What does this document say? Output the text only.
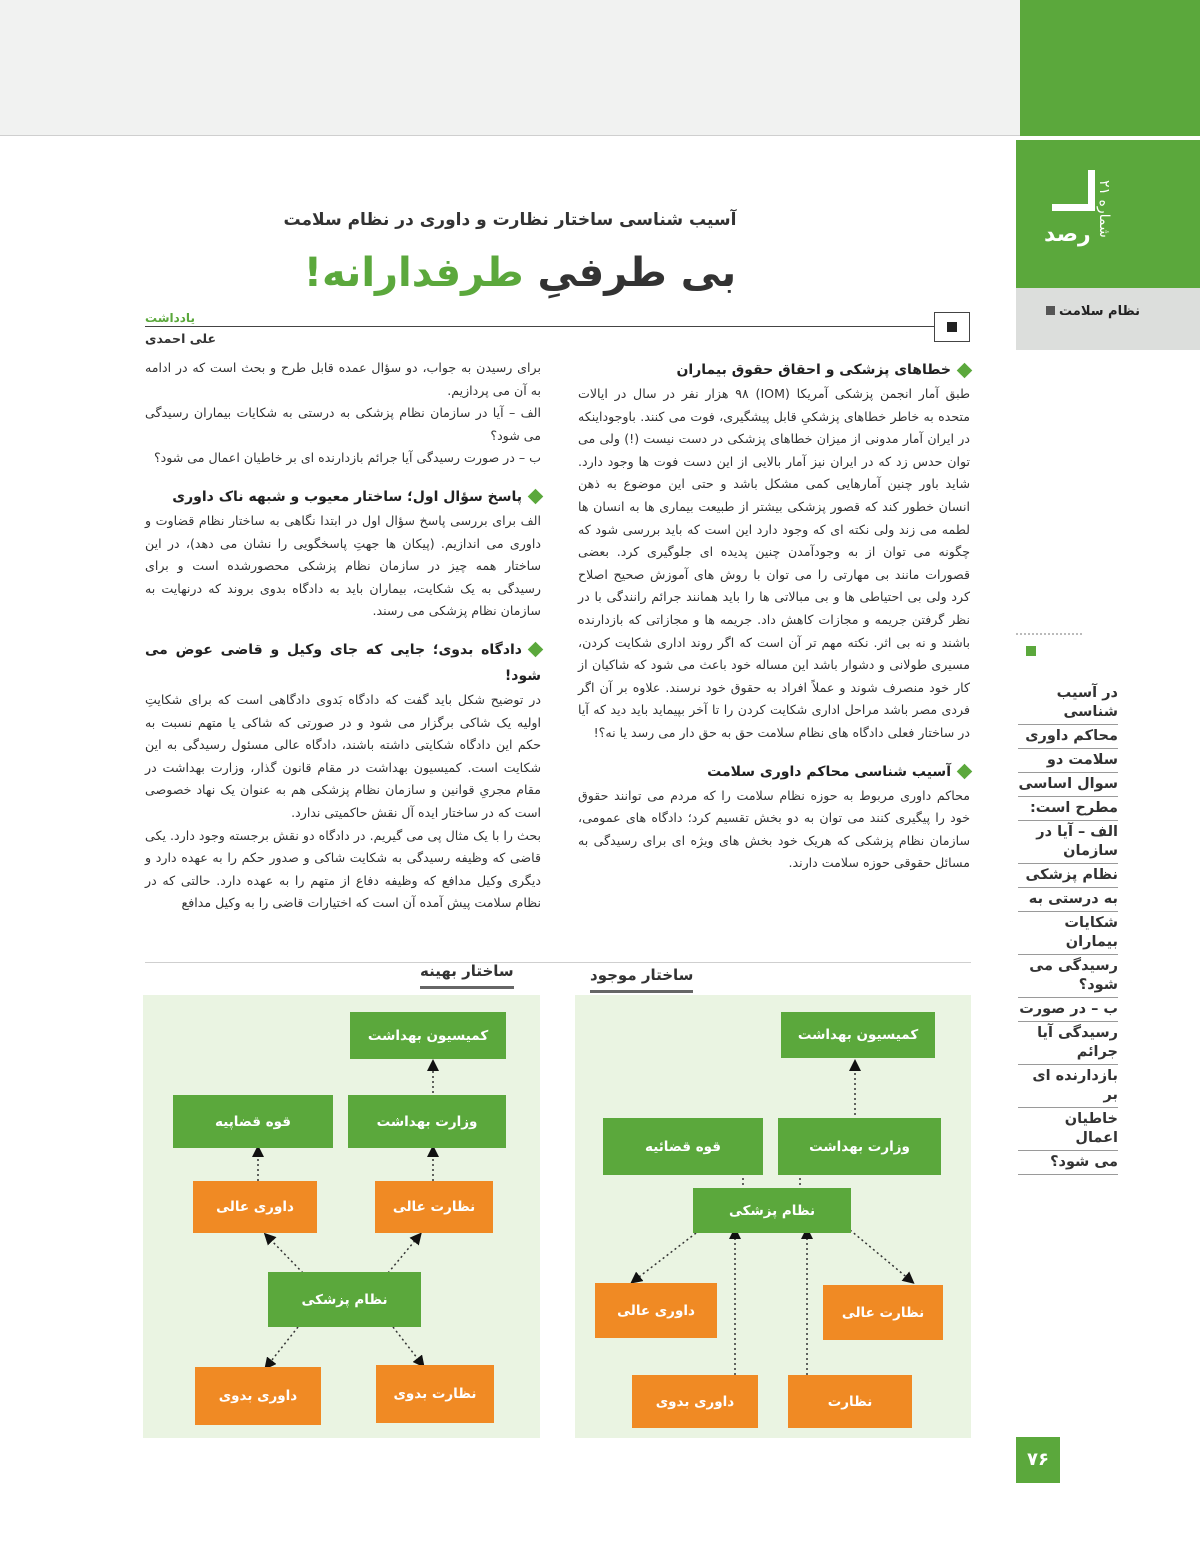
رصد
شماره ۲۱
نظام سلامت
در آسیب شناسی
محاکم داوری
سلامت دو
سوال اساسی
مطرح است:
الف – آیا در سازمان
نظام پزشکی
به درستی به
شکایات بیماران
رسیدگی می شود؟
ب – در صورت
رسیدگی آیا جرائم
بازدارنده ای بر
خاطیان اعمال
می شود؟
۷۶
آسیب شناسی ساختار نظارت و داوری در نظام سلامت
بی طرفیِ طرفدارانه!
یادداشت
علی احمدی
خطاهای پزشکی و احقاق حقوق بیماران

طبق آمار انجمن پزشکی آمریکا (IOM) ۹۸ هزار نفر در سال در ایالات متحده به خاطر خطاهای پزشکیِ قابل پیشگیری، فوت می کنند. باوجوداینکه در ایران آمار مدونی از میزان خطاهای پزشکی در دست نیست (!) ولی می توان حدس زد که در ایران نیز آمار بالایی از این دست فوت ها وجود دارد. شاید باور چنین آمارهایی کمی مشکل باشد و حتی این موضوع به ذهن انسان خطور کند که قصور پزشکی بیشتر از طبیعت بیماری ها به انسان ها لطمه می زند ولی نکته ای که وجود دارد این است که باید بررسی شود که چگونه می توان از به وجودآمدن چنین پدیده ای جلوگیری کرد. بعضی قصورات مانند بی مهارتی را می توان با روش های آموزش صحیح اصلاح کرد ولی بی احتیاطی ها و بی مبالاتی ها را باید همانند جرائم رانندگی با در نظر گرفتن جریمه و مجازات کاهش داد. جریمه ها و مجازاتی که بازدارنده باشند و نه بی اثر. نکته مهم تر آن است که اگر روند اداری شکایت کردن، مسیری طولانی و دشوار باشد این مساله خود باعث می شود که شاکیان از کار خود منصرف شوند و عملاً افراد به حقوق خود نرسند. علاوه بر آن اگر فردی مصر باشد مراحل اداری شکایت کردن را تا آخر بپیماید باید دید که آیا در ساختار فعلی دادگاه های نظام سلامت حق به حق دار می رسد یا نه؟!

آسیب شناسی محاکم داوری سلامت

محاکم داوری مربوط به حوزه نظام سلامت را که مردم می توانند حقوق خود را پیگیری کنند می توان به دو بخش تقسیم کرد؛ دادگاه های عمومی، سازمان نظام پزشکی که هریک خود بخش های ویژه ای برای رسیدگی به مسائل حقوقی حوزه سلامت دارند.

برای رسیدن به جواب، دو سؤال عمده قابل طرح و بحث است که در ادامه به آن می پردازیم.

الف – آیا در سازمان نظام پزشکی به درستی به شکایات بیماران رسیدگی می شود؟

ب – در صورت رسیدگی آیا جرائم بازدارنده ای بر خاطیان اعمال می شود؟

پاسخ سؤال اول؛ ساختار معیوب و شبهه ناک داوری

الف برای بررسی پاسخ سؤال اول در ابتدا نگاهی به ساختار نظام قضاوت و داوری می اندازیم. (پیکان ها جهتِ پاسخگویی را نشان می دهد)، در این ساختار همه چیز در سازمان نظام پزشکی محصورشده است و برای رسیدگی به یک شکایت، بیماران باید به دادگاه بدوی بروند که درنهایت به سازمان نظام پزشکی می رسند.

دادگاه بدوی؛ جایی که جای وکیل و قاضی عوض می شود!

در توضیح شکل باید گفت که دادگاه بَدوی دادگاهی است که برای شکایتِ اولیه یک شاکی برگزار می شود و در صورتی که شاکی یا متهم نسبت به حکم این دادگاه شکایتی داشته باشند، دادگاه عالی مسئول رسیدگی به این شکایت است. کمیسیون بهداشت در مقام قانون گذار، وزارت بهداشت در مقام مجریِ قوانین و سازمان نظام پزشکی هم به عنوان یک نهاد خصوصی است که در ساختار ایده آل نقش حاکمیتی ندارد.

بحث را با یک مثال پی می گیریم. در دادگاه دو نقش برجسته وجود دارد. یکی قاضی که وظیفه رسیدگی به شکایت شاکی و صدور حکم را به عهده دارد و دیگری وکیل مدافع که وظیفه دفاع از متهم را به عهده دارد. حالتی که در نظام سلامت پیش آمده آن است که اختیارات قاضی را به وکیل مدافع

ساختار موجود
ساختار بهینه
کمیسیون بهداشت
وزارت بهداشت
قوه قضائیه
نظام پزشکی
نظارت عالی
داوری عالی
نظارت
داوری بدوی
کمیسیون بهداشت
وزارت بهداشت
قوه قضاپیه
نظارت عالی
داوری عالی
نظام پزشکی
نظارت بدوی
داوری بدوی
